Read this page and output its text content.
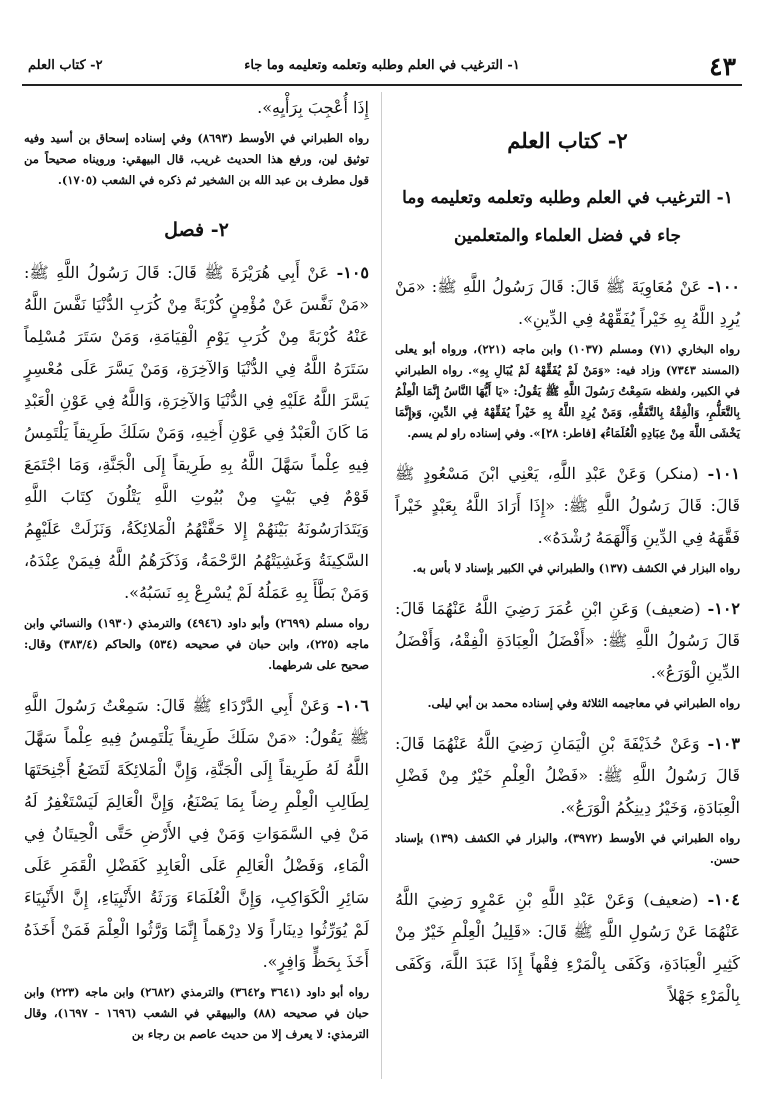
٤٣
١- الترغيب في العلم وطلبه وتعلمه وتعليمه وما جاء
٢- كتاب العلم

٢- كتاب العلم

١- الترغيب في العلم وطلبه وتعلمه وتعليمه وما

جاء في فضل العلماء والمتعلمين

١٠٠- عَنْ مُعَاوِيَةَ ﷺ قَالَ: قَالَ رَسُولُ اللَّهِ ﷺ: «مَنْ يُرِدِ اللَّهُ بِهِ خَيْراً يُفَقِّهْهُ فِي الدِّينِ».

رواه البخاري (٧١) ومسلم (١٠٣٧) وابن ماجه (٢٢١)، ورواه أبو يعلى (المسند ٧٣٤٣) وزاد فيه: «وَمَنْ لَمْ يُفَقِّهْهُ لَمْ يُبَالِ بِهِ». رواه الطبراني في الكبير، ولفظه سَمِعْتُ رَسُولَ اللَّهِ ﷺ يَقُولُ: «يَا أَيُّهَا النَّاسُ إِنَّمَا الْعِلْمُ بِالتَّعَلُّمِ، وَالْفِقْهُ بِالتَّفَقُّهِ، وَمَنْ يُرِدِ اللَّهُ بِهِ خَيْراً يُفَقِّهْهُ فِي الدِّينِ، وَ﴿إِنَّمَا يَخْشَى اللَّهَ مِنْ عِبَادِهِ الْعُلَمَاءُ﴾ [فاطر: ٢٨]». وفي إسناده راو لم يسم.

١٠١- (منكر) وَعَنْ عَبْدِ اللَّهِ، يَعْنِي ابْنَ مَسْعُودٍ ﷺ قَالَ: قَالَ رَسُولُ اللَّهِ ﷺ: «إِذَا أَرَادَ اللَّهُ بِعَبْدٍ خَيْراً فَقَّهَهُ فِي الدِّينِ وَأَلْهَمَهُ رُشْدَهُ».

رواه البزار في الكشف (١٣٧) والطبراني في الكبير بإسناد لا بأس به.

١٠٢- (ضعيف) وَعَنِ ابْنِ عُمَرَ رَضِيَ اللَّهُ عَنْهُمَا قَالَ: قَالَ رَسُولُ اللَّهِ ﷺ: «أَفْضَلُ الْعِبَادَةِ الْفِقْهُ، وَأَفْضَلُ الدِّينِ الْوَرَعُ».

رواه الطبراني في معاجيمه الثلاثة وفي إسناده محمد بن أبي ليلى.

١٠٣- وَعَنْ حُذَيْفَةَ بْنِ الْيَمَانِ رَضِيَ اللَّهُ عَنْهُمَا قَالَ: قَالَ رَسُولُ اللَّهِ ﷺ: «فَضْلُ الْعِلْمِ خَيْرٌ مِنْ فَضْلِ الْعِبَادَةِ، وَخَيْرُ دِينِكُمُ الْوَرَعُ».

رواه الطبراني في الأوسط (٣٩٧٢)، والبزار في الكشف (١٣٩) بإسناد حسن.

١٠٤- (ضعيف) وَعَنْ عَبْدِ اللَّهِ بْنِ عَمْرٍو رَضِيَ اللَّهُ عَنْهُمَا عَنْ رَسُولِ اللَّهِ ﷺ قَالَ: «قَلِيلُ الْعِلْمِ خَيْرٌ مِنْ كَثِيرِ الْعِبَادَةِ، وَكَفَى بِالْمَرْءِ فِقْهاً إِذَا عَبَدَ اللَّهَ، وَكَفَى بِالْمَرْءِ جَهْلاً

إِذَا أُعْجِبَ بِرَأْيِهِ».

رواه الطبراني في الأوسط (٨٦٩٣) وفي إسناده إسحاق بن أسيد وفيه توثيق لين، ورفع هذا الحديث غريب، قال البيهقي: ورويناه صحيحاً من قول مطرف بن عبد الله بن الشخير ثم ذكره في الشعب (١٧٠٥).

٢- فصل

١٠٥- عَنْ أَبِي هُرَيْرَةَ ﷺ قَالَ: قَالَ رَسُولُ اللَّهِ ﷺ: «مَنْ نَفَّسَ عَنْ مُؤْمِنٍ كُرْبَةً مِنْ كُرَبِ الدُّنْيَا نَفَّسَ اللَّهُ عَنْهُ كُرْبَةً مِنْ كُرَبِ يَوْمِ الْقِيَامَةِ، وَمَنْ سَتَرَ مُسْلِماً سَتَرَهُ اللَّهُ فِي الدُّنْيَا وَالآخِرَةِ، وَمَنْ يَسَّرَ عَلَى مُعْسِرٍ يَسَّرَ اللَّهُ عَلَيْهِ فِي الدُّنْيَا وَالآخِرَةِ، وَاللَّهُ فِي عَوْنِ الْعَبْدِ مَا كَانَ الْعَبْدُ فِي عَوْنِ أَخِيهِ، وَمَنْ سَلَكَ طَرِيقاً يَلْتَمِسُ فِيهِ عِلْماً سَهَّلَ اللَّهُ بِهِ طَرِيقاً إِلَى الْجَنَّةِ، وَمَا اجْتَمَعَ قَوْمٌ فِي بَيْتٍ مِنْ بُيُوتِ اللَّهِ يَتْلُونَ كِتَابَ اللَّهِ وَيَتَدَارَسُونَهُ بَيْنَهُمْ إِلا حَفَّتْهُمُ الْمَلائِكَةُ، وَنَزَلَتْ عَلَيْهِمُ السَّكِينَةُ وَغَشِيَتْهُمُ الرَّحْمَةُ، وَذَكَرَهُمُ اللَّهُ فِيمَنْ عِنْدَهُ، وَمَنْ بَطَّأَ بِهِ عَمَلُهُ لَمْ يُسْرِعْ بِهِ نَسَبُهُ».

رواه مسلم (٢٦٩٩) وأبو داود (٤٩٤٦) والترمذي (١٩٣٠) والنسائي وابن ماجه (٢٢٥)، وابن حبان في صحيحه (٥٣٤) والحاكم (٣٨٣/٤) وقال: صحيح على شرطهما.

١٠٦- وَعَنْ أَبِي الدَّرْدَاءِ ﷺ قَالَ: سَمِعْتُ رَسُولَ اللَّهِ ﷺ يَقُولُ: «مَنْ سَلَكَ طَرِيقاً يَلْتَمِسُ فِيهِ عِلْماً سَهَّلَ اللَّهُ لَهُ طَرِيقاً إِلَى الْجَنَّةِ، وَإِنَّ الْمَلائِكَةَ لَتَضَعُ أَجْنِحَتَهَا لِطَالِبِ الْعِلْمِ رِضاً بِمَا يَصْنَعُ، وَإِنَّ الْعَالِمَ لَيَسْتَغْفِرُ لَهُ مَنْ فِي السَّمَوَاتِ وَمَنْ فِي الأَرْضِ حَتَّى الْحِيتَانُ فِي الْمَاءِ، وَفَضْلُ الْعَالِمِ عَلَى الْعَابِدِ كَفَضْلِ الْقَمَرِ عَلَى سَائِرِ الْكَوَاكِبِ، وَإِنَّ الْعُلَمَاءَ وَرَثَةُ الأَنْبِيَاءِ، إِنَّ الأَنْبِيَاءَ لَمْ يُوَرِّثُوا دِينَاراً وَلا دِرْهَماً إِنَّمَا وَرَّثُوا الْعِلْمَ فَمَنْ أَخَذَهُ أَخَذَ بِحَظٍّ وَافِرٍ».

رواه أبو داود (٣٦٤١ و٣٦٤٢) والترمذي (٢٦٨٢) وابن ماجه (٢٢٣) وابن حبان في صحيحه (٨٨) والبيهقي في الشعب (١٦٩٦ - ١٦٩٧)، وقال الترمذي: لا يعرف إلا من حديث عاصم بن رجاء بن
